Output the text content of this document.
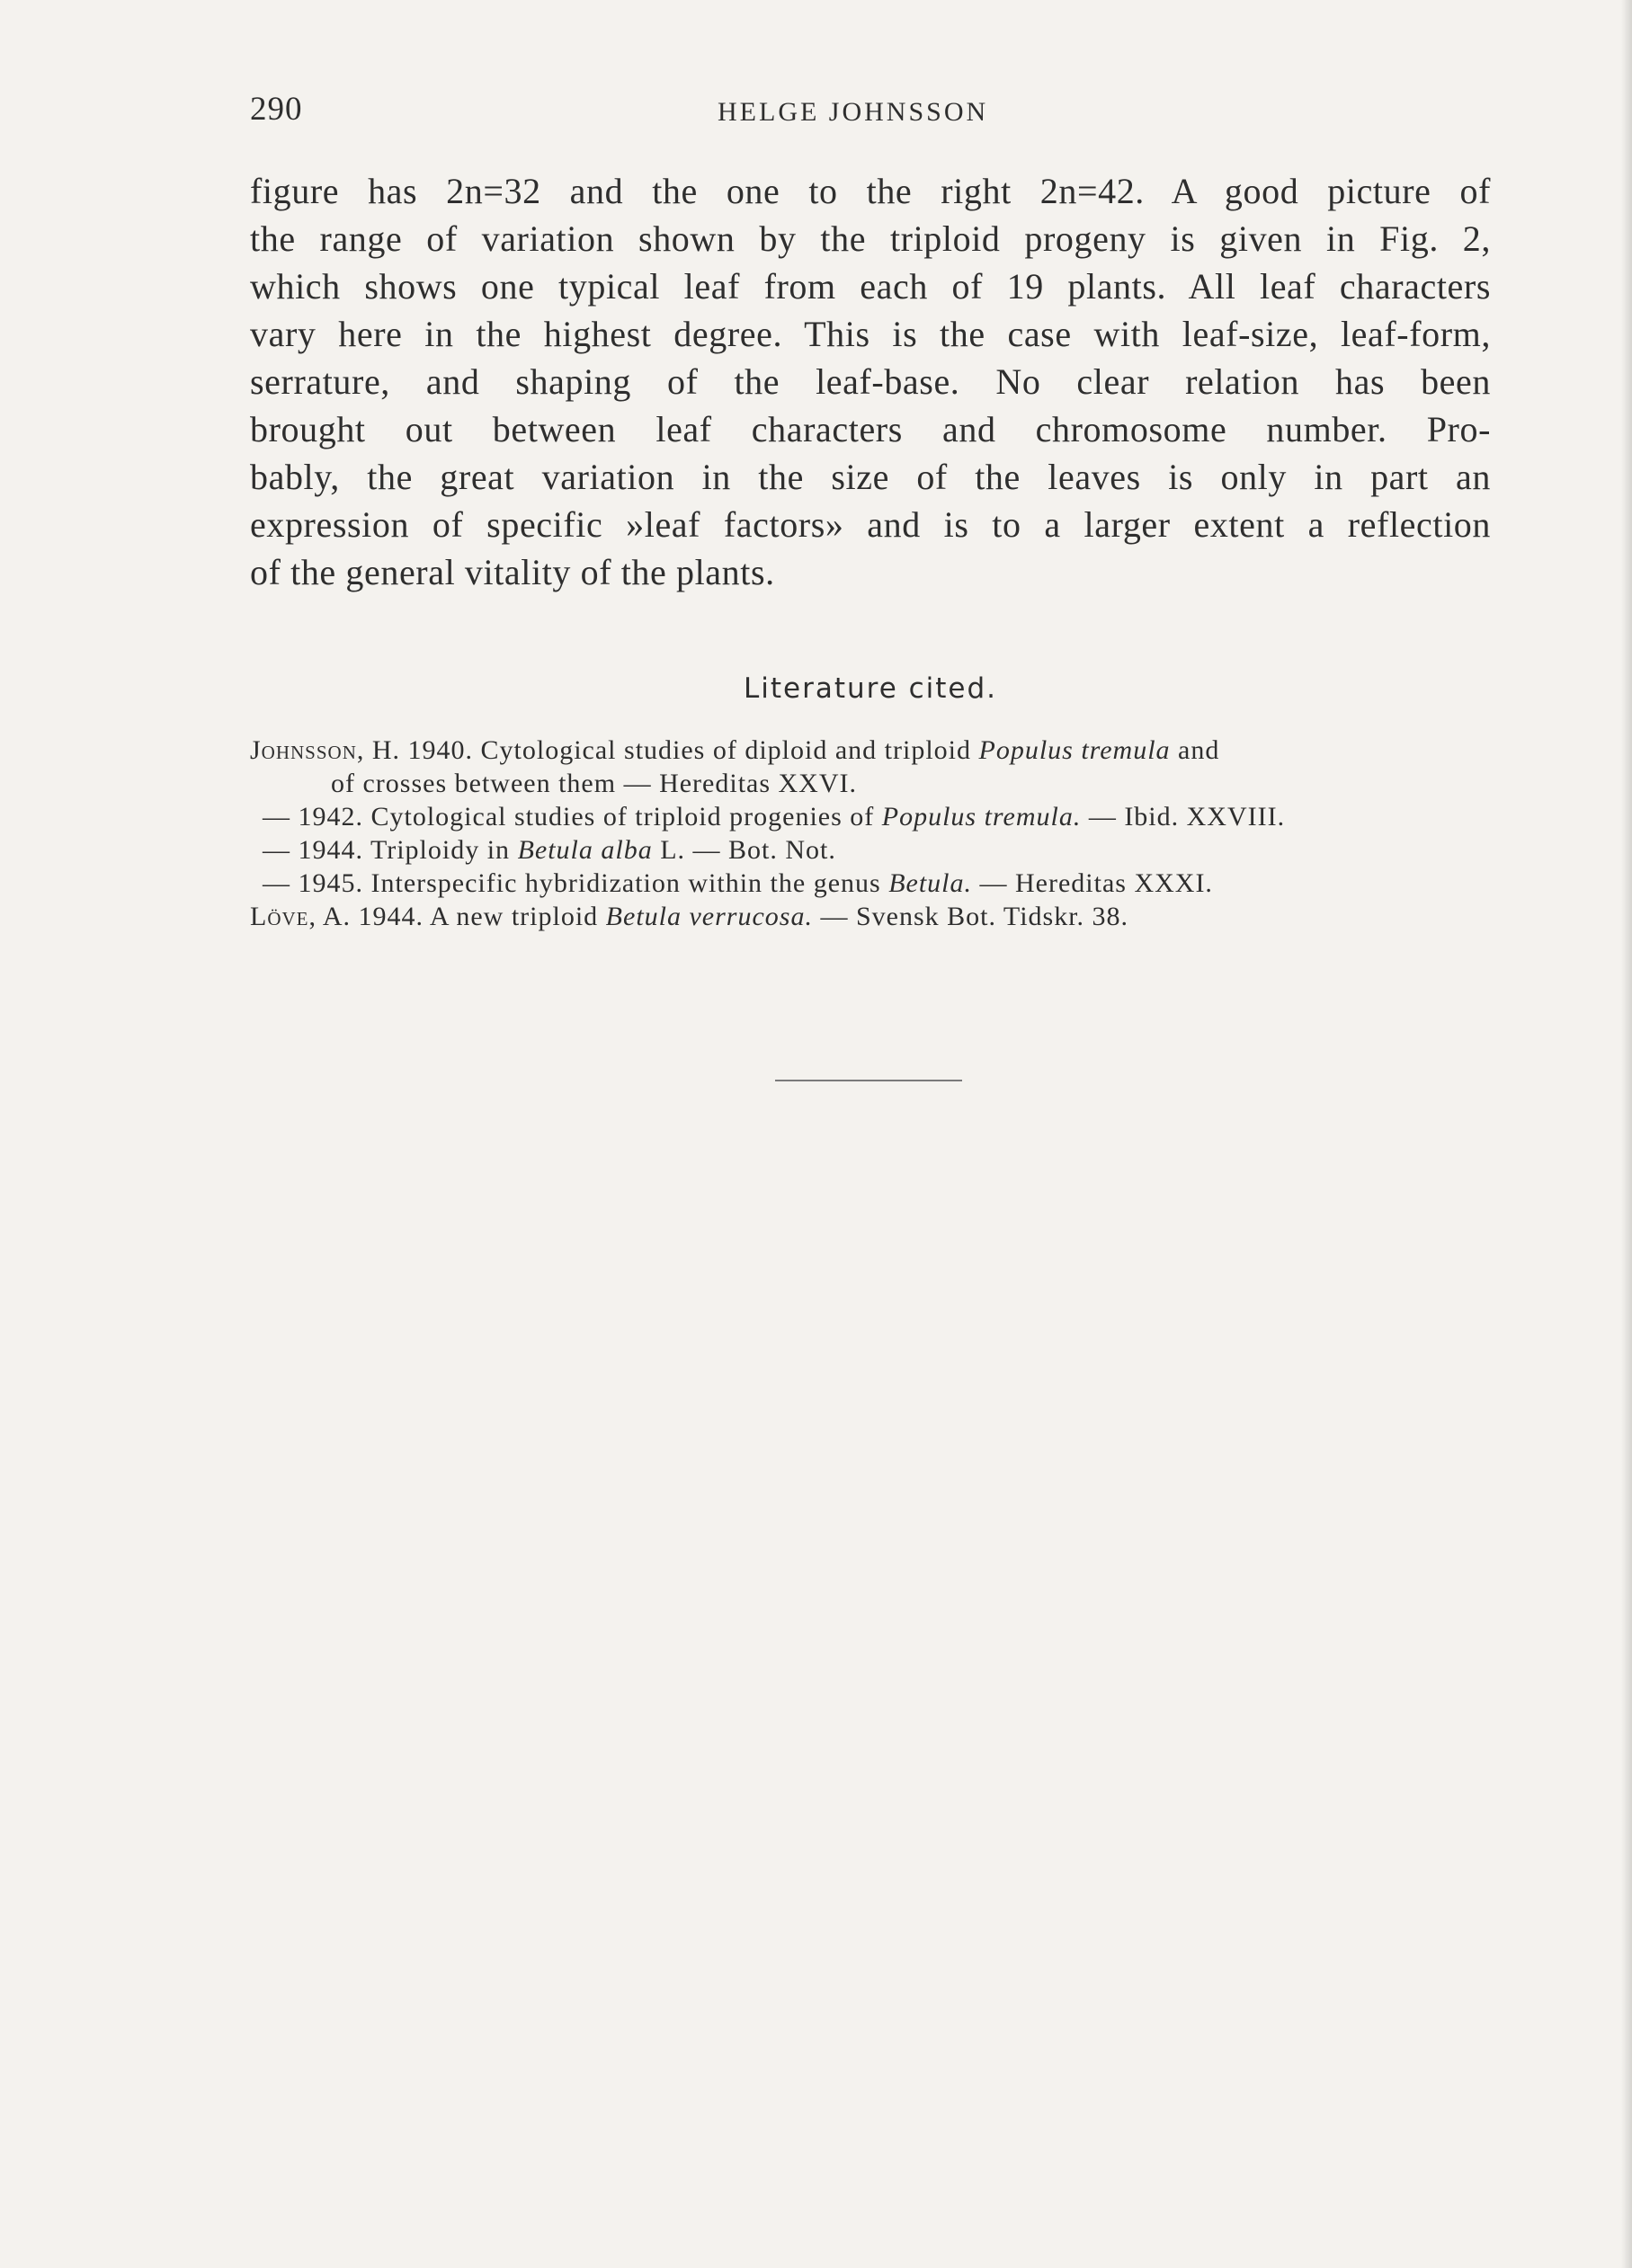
290	HELGE JOHNSSON
figure has 2n=32 and the one to the right 2n=42. A good picture of
the range of variation shown by the triploid progeny is given in Fig. 2,
which shows one typical leaf from each of 19 plants. All leaf characters
vary here in the highest degree. This is the case with leaf-size, leaf-form,
serrature, and shaping of the leaf-base. No clear relation has been
brought out between leaf characters and chromosome number. Pro-
bably, the great variation in the size of the leaves is only in part an
expression of specific »leaf factors» and is to a larger extent a reflection
of the general vitality of the plants.
Literature cited.
Johnsson, H. 1940. Cytological studies of diploid and triploid Populus tremula and
of crosses between them — Hereditas XXVI.
— 1942. Cytological studies of triploid progenies of Populus tremula. — Ibid. XXVIII.
— 1944. Triploidy in Betula alba L. — Bot. Not.
— 1945. Interspecific hybridization within the genus Betula. — Hereditas XXXI.
Löve, A. 1944. A new triploid Betula verrucosa. — Svensk Bot. Tidskr. 38.
